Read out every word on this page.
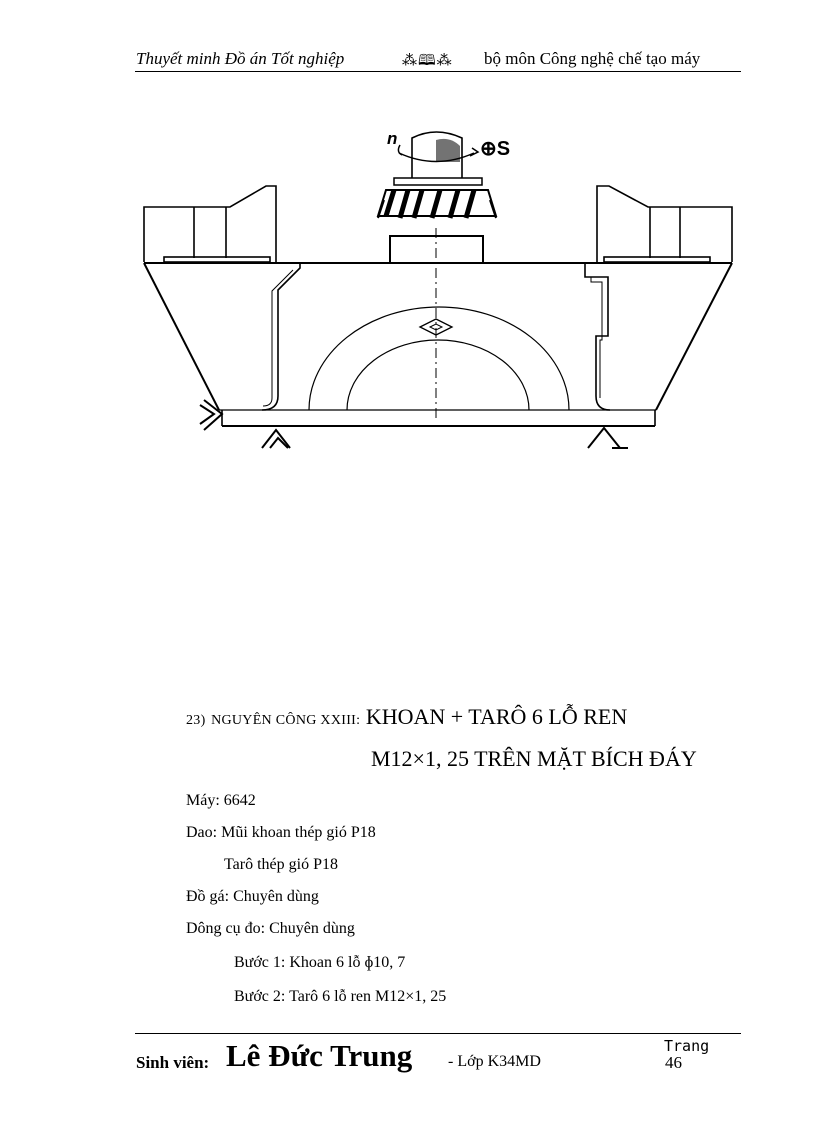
Thuyết minh Đồ án Tốt nghiệp	⁂🕮⁂ bộ môn Công nghệ chế tạo máy
n	⊕S
23) NGUYÊN CÔNG XXIII: KHOAN + TARÔ 6 LỖ REN
M12×1, 25 TRÊN MẶT BÍCH ĐÁY
Máy: 6642
Dao: Mũi khoan thép gió P18
Tarô thép gió P18
Đồ gá: Chuyên dùng
Dông cụ đo: Chuyên dùng
Bước 1: Khoan 6 lỗ ɸ10, 7
Bước 2: Tarô 6 lỗ ren M12×1, 25
Sinh viên: Lê Đức Trung - Lớp K34MD
Trang
46
